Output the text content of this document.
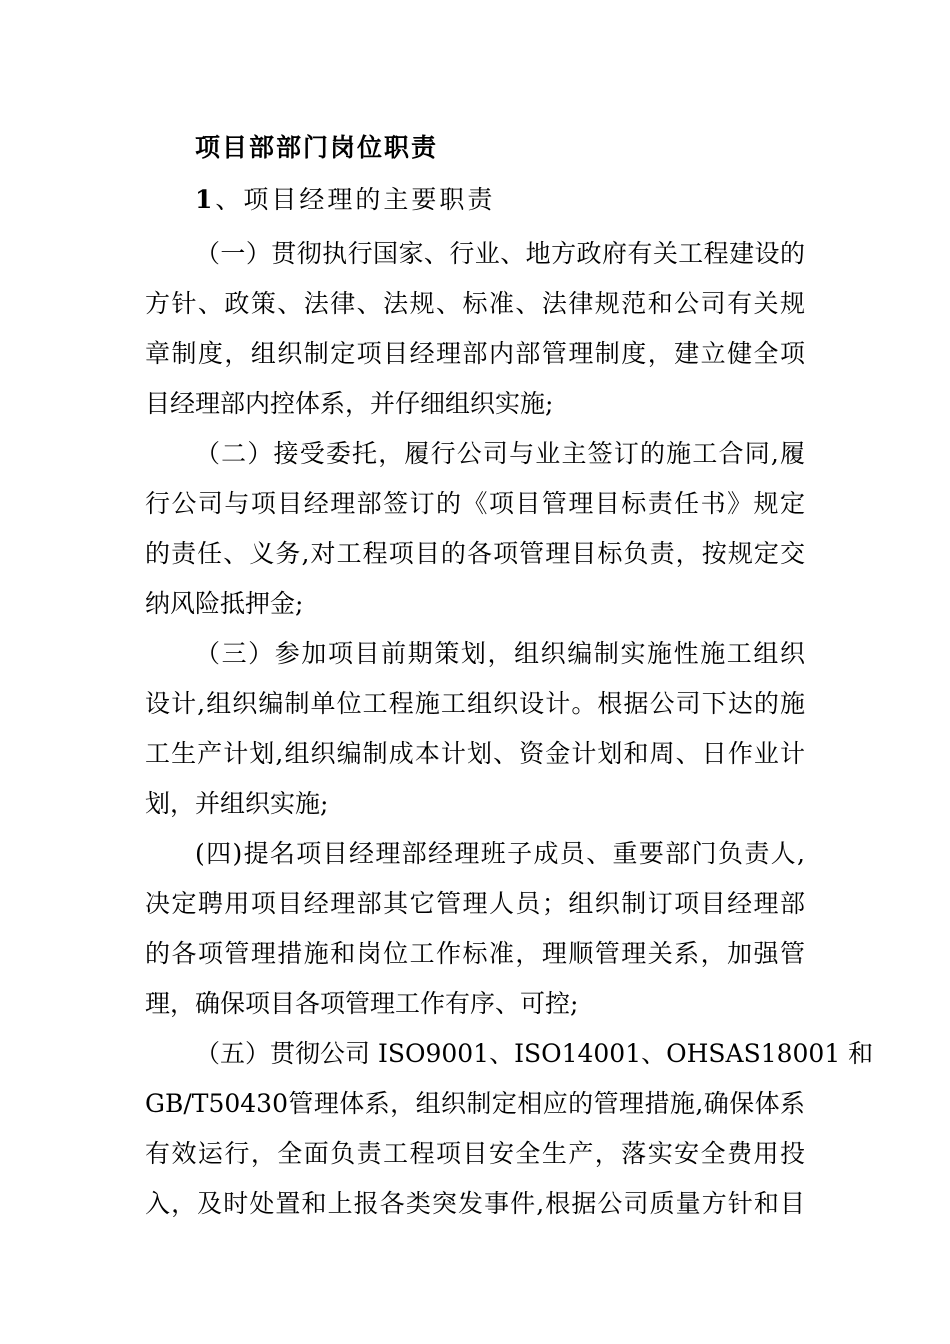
项目部部门岗位职责
1、项目经理的主要职责
（一）贯彻执行国家、行业、地方政府有关工程建设的
方针、政策、法律、法规、标准、法律规范和公司有关规
章制度，组织制定项目经理部内部管理制度，建立健全项
目经理部内控体系，并仔细组织实施;
（二）接受委托，履行公司与业主签订的施工合同,履
行公司与项目经理部签订的《项目管理目标责任书》规定
的责任、义务,对工程项目的各项管理目标负责，按规定交
纳风险抵押金;
（三）参加项目前期策划，组织编制实施性施工组织
设计,组织编制单位工程施工组织设计。根据公司下达的施
工生产计划,组织编制成本计划、资金计划和周、日作业计
划，并组织实施;
(四)提名项目经理部经理班子成员、重要部门负责人,
决定聘用项目经理部其它管理人员；组织制订项目经理部
的各项管理措施和岗位工作标准，理顺管理关系，加强管
理，确保项目各项管理工作有序、可控;
（五）贯彻公司 ISO9001、ISO14001、OHSAS18001 和
GB/T50430管理体系，组织制定相应的管理措施,确保体系
有效运行，全面负责工程项目安全生产，落实安全费用投
入，及时处置和上报各类突发事件,根据公司质量方针和目
